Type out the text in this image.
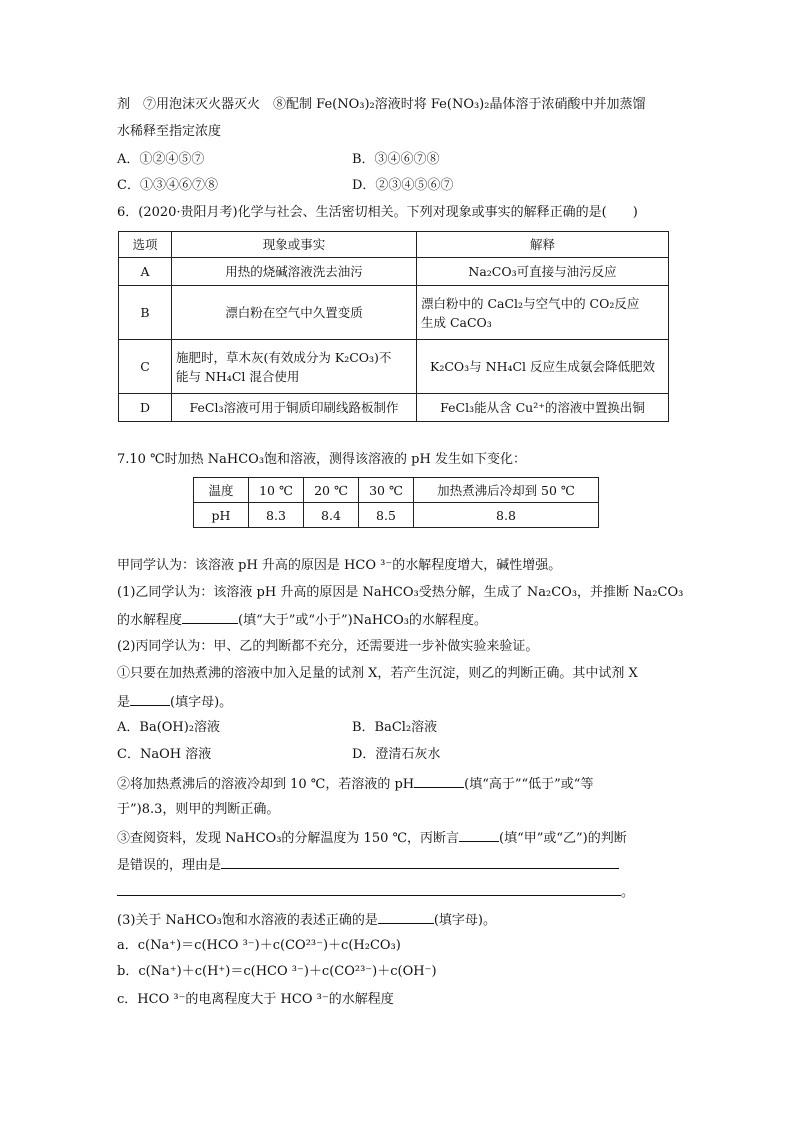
剂　⑦用泡沫灭火器灭火　⑧配制 Fe(NO₃)₂溶液时将 Fe(NO₃)₂晶体溶于浓硝酸中并加蒸馏
水稀释至指定浓度
A．①②④⑤⑦	B．③④⑥⑦⑧
C．①③④⑥⑦⑧	D．②③④⑤⑥⑦
6．(2020·贵阳月考)化学与社会、生活密切相关。下列对现象或事实的解释正确的是(　　)
选项	现象或事实	解释
A	用热的烧碱溶液洗去油污	Na₂CO₃可直接与油污反应
B	漂白粉在空气中久置变质	漂白粉中的 CaCl₂与空气中的 CO₂反应
生成 CaCO₃

C	施肥时，草木灰(有效成分为 K₂CO₃)不
能与 NH₄Cl 混合使用	K₂CO₃与 NH₄Cl 反应生成氨会降低肥效
D	FeCl₃溶液可用于铜质印刷线路板制作	FeCl₃能从含 Cu²⁺的溶液中置换出铜
7.10 ℃时加热 NaHCO₃饱和溶液，测得该溶液的 pH 发生如下变化：
温度	10 ℃	20 ℃	30 ℃	加热煮沸后冷却到 50 ℃
pH	8.3	8.4	8.5	8.8
甲同学认为：该溶液 pH 升高的原因是 HCO ³⁻的水解程度增大，碱性增强。
(1)乙同学认为：该溶液 pH 升高的原因是 NaHCO₃受热分解，生成了 Na₂CO₃，并推断 Na₂CO₃
的水解程度	(填“大于”或“小于”)NaHCO₃的水解程度。
(2)丙同学认为：甲、乙的判断都不充分，还需要进一步补做实验来验证。
①只要在加热煮沸的溶液中加入足量的试剂 X，若产生沉淀，则乙的判断正确。其中试剂 X
是	(填字母)。
A．Ba(OH)₂溶液	B．BaCl₂溶液
C．NaOH 溶液	D．澄清石灰水
②将加热煮沸后的溶液冷却到 10 ℃，若溶液的 pH	(填“高于”“低于”或“等
于”)8.3，则甲的判断正确。
③查阅资料，发现 NaHCO₃的分解温度为 150 ℃，丙断言	(填“甲”或“乙”)的判断
是错误的，理由是
。
(3)关于 NaHCO₃饱和水溶液的表述正确的是	(填字母)。
a．c(Na⁺)＝c(HCO ³⁻)＋c(CO²³⁻)＋c(H₂CO₃)
b．c(Na⁺)＋c(H⁺)＝c(HCO ³⁻)＋c(CO²³⁻)＋c(OH⁻)
c．HCO ³⁻的电离程度大于 HCO ³⁻的水解程度
